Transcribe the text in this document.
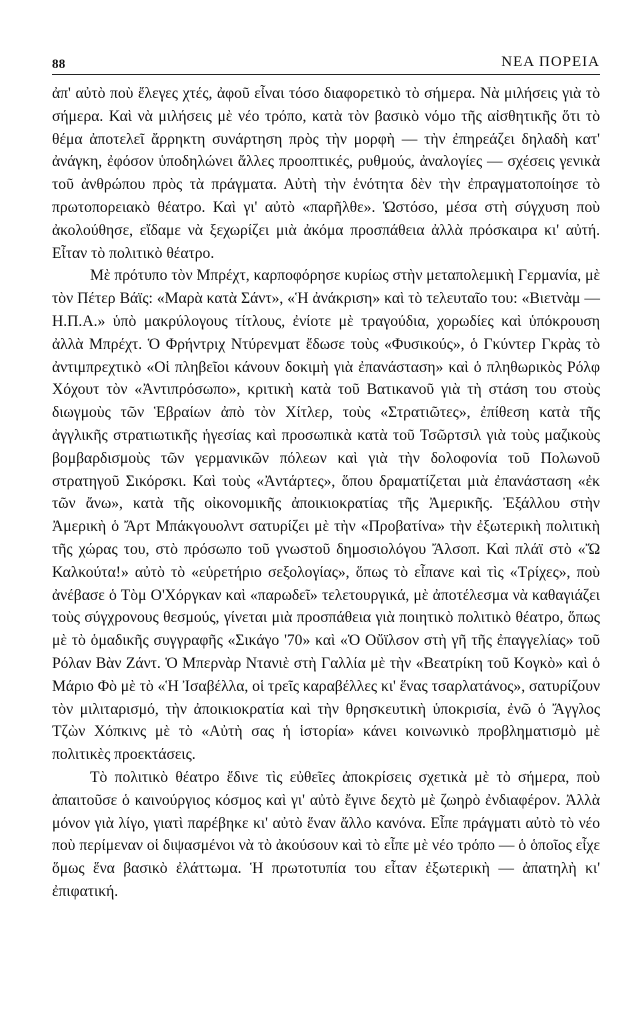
88	ΝΕΑ ΠΟΡΕΙΑ

ἀπ' αὐτὸ ποὺ ἔλεγες χτές, ἀφοῦ εἶναι τόσο διαφορετικὸ τὸ σήμερα. Νὰ μιλήσεις γιὰ τὸ σήμερα. Καὶ νὰ μιλήσεις μὲ νέο τρόπο, κατὰ τὸν βασικὸ νόμο τῆς αἰσθητικῆς ὅτι τὸ θέμα ἀποτελεῖ ἄρρηκτη συνάρτηση πρὸς τὴν μορφὴ — τὴν ἐπηρεάζει δηλαδὴ κατ' ἀνάγκη, ἐφόσον ὑποδηλώνει ἄλλες προοπτικές, ρυθμούς, ἀναλογίες — σχέσεις γενικὰ τοῦ ἀνθρώπου πρὸς τὰ πράγματα. Αὐτὴ τὴν ἑνότητα δὲν τὴν ἐπραγματοποίησε τὸ πρωτοπορειακὸ θέατρο. Καὶ γι' αὐτὸ «παρῆλθε». Ὡστόσο, μέσα στὴ σύγχυση ποὺ ἀκολούθησε, εἴδαμε νὰ ξεχωρίζει μιὰ ἀκόμα προσπάθεια ἀλλὰ πρόσκαιρα κι' αὐτή. Εἶταν τὸ πολιτικὸ θέατρο.

Μὲ πρότυπο τὸν Μπρέχτ, καρποφόρησε κυρίως στὴν μεταπολεμικὴ Γερμανία, μὲ τὸν Πέτερ Βάϊς: «Μαρὰ κατὰ Σάντ», «Ἡ ἀνάκριση» καὶ τὸ τελευταῖο του: «Βιετνὰμ — Η.Π.Α.» ὑπὸ μακρύλογους τίτλους, ἐνίοτε μὲ τραγούδια, χορωδίες καὶ ὑπόκρουση ἀλλὰ Μπρέχτ. Ὁ Φρήντριχ Ντύρενματ ἔδωσε τοὺς «Φυσικούς», ὁ Γκύντερ Γκρὰς τὸ ἀντιμπρεχτικὸ «Οἱ πληβεῖοι κάνουν δοκιμὴ γιὰ ἐπανάσταση» καὶ ὁ πληθωρικὸς Ρόλφ Χόχουτ τὸν «Ἀντιπρόσωπο», κριτικὴ κατὰ τοῦ Βατικανοῦ γιὰ τὴ στάση του στοὺς διωγμοὺς τῶν Ἑβραίων ἀπὸ τὸν Χίτλερ, τοὺς «Στρατιῶτες», ἐπίθεση κατὰ τῆς ἀγγλικῆς στρατιωτικῆς ἡγεσίας καὶ προσωπικὰ κατὰ τοῦ Τσῶρτσιλ γιὰ τοὺς μαζικοὺς βομβαρδισμοὺς τῶν γερμανικῶν πόλεων καὶ γιὰ τὴν δολοφονία τοῦ Πολωνοῦ στρατηγοῦ Σικόρσκι. Καὶ τοὺς «Ἀντάρτες», ὅπου δραματίζεται μιὰ ἐπανάσταση «ἐκ τῶν ἄνω», κατὰ τῆς οἰκονομικῆς ἀποικιοκρατίας τῆς Ἀμερικῆς. Ἐξάλλου στὴν Ἀμερικὴ ὁ Ἄρτ Μπάκγουολντ σατυρίζει μὲ τὴν «Προβατίνα» τὴν ἐξωτερικὴ πολιτικὴ τῆς χώρας του, στὸ πρόσωπο τοῦ γνωστοῦ δημοσιολόγου Ἄλσοπ. Καὶ πλάϊ στὸ «Ὤ Καλκούτα!» αὐτὸ τὸ «εὑρετήριο σεξολογίας», ὅπως τὸ εἶπανε καὶ τὶς «Τρίχες», ποὺ ἀνέβασε ὁ Τὸμ Ο'Χόργκαν καὶ «παρωδεῖ» τελετουργικά, μὲ ἀποτέλεσμα νὰ καθαγιάζει τοὺς σύγχρονους θεσμούς, γίνεται μιὰ προσπάθεια γιὰ ποιητικὸ πολιτικὸ θέατρο, ὅπως μὲ τὸ ὁμαδικῆς συγγραφῆς «Σικάγο '70» καὶ «Ὁ Οὔϊλσον στὴ γῆ τῆς ἐπαγγελίας» τοῦ Ρόλαν Βὰν Ζάντ. Ὁ Μπερνὰρ Ντανιὲ στὴ Γαλλία μὲ τὴν «Βεατρίκη τοῦ Κογκὸ» καὶ ὁ Μάριο Φὸ μὲ τὸ «Ἡ Ἰσαβέλλα, οἱ τρεῖς καραβέλλες κι' ἕνας τσαρλατάνος», σατυρίζουν τὸν μιλιταρισμό, τὴν ἀποικιοκρατία καὶ τὴν θρησκευτικὴ ὑποκρισία, ἐνῶ ὁ Ἄγγλος Τζὼν Χόπκινς μὲ τὸ «Αὐτὴ σας ἡ ἱστορία» κάνει κοινωνικὸ προβληματισμὸ μὲ πολιτικὲς προεκτάσεις.

Τὸ πολιτικὸ θέατρο ἔδινε τὶς εὐθεῖες ἀποκρίσεις σχετικὰ μὲ τὸ σήμερα, ποὺ ἀπαιτοῦσε ὁ καινούργιος κόσμος καὶ γι' αὐτὸ ἔγινε δεχτὸ μὲ ζωηρὸ ἐνδιαφέρον. Ἀλλὰ μόνον γιὰ λίγο, γιατὶ παρέβηκε κι' αὐτὸ ἕναν ἄλλο κανόνα. Εἶπε πράγματι αὐτὸ τὸ νέο ποὺ περίμεναν οἱ διψασμένοι νὰ τὸ ἀκούσουν καὶ τὸ εἶπε μὲ νέο τρόπο — ὁ ὁποῖος εἶχε ὅμως ἕνα βασικὸ ἐλάττωμα. Ἡ πρωτοτυπία του εἶταν ἐξωτερικὴ — ἀπατηλὴ κι' ἐπιφατική.
